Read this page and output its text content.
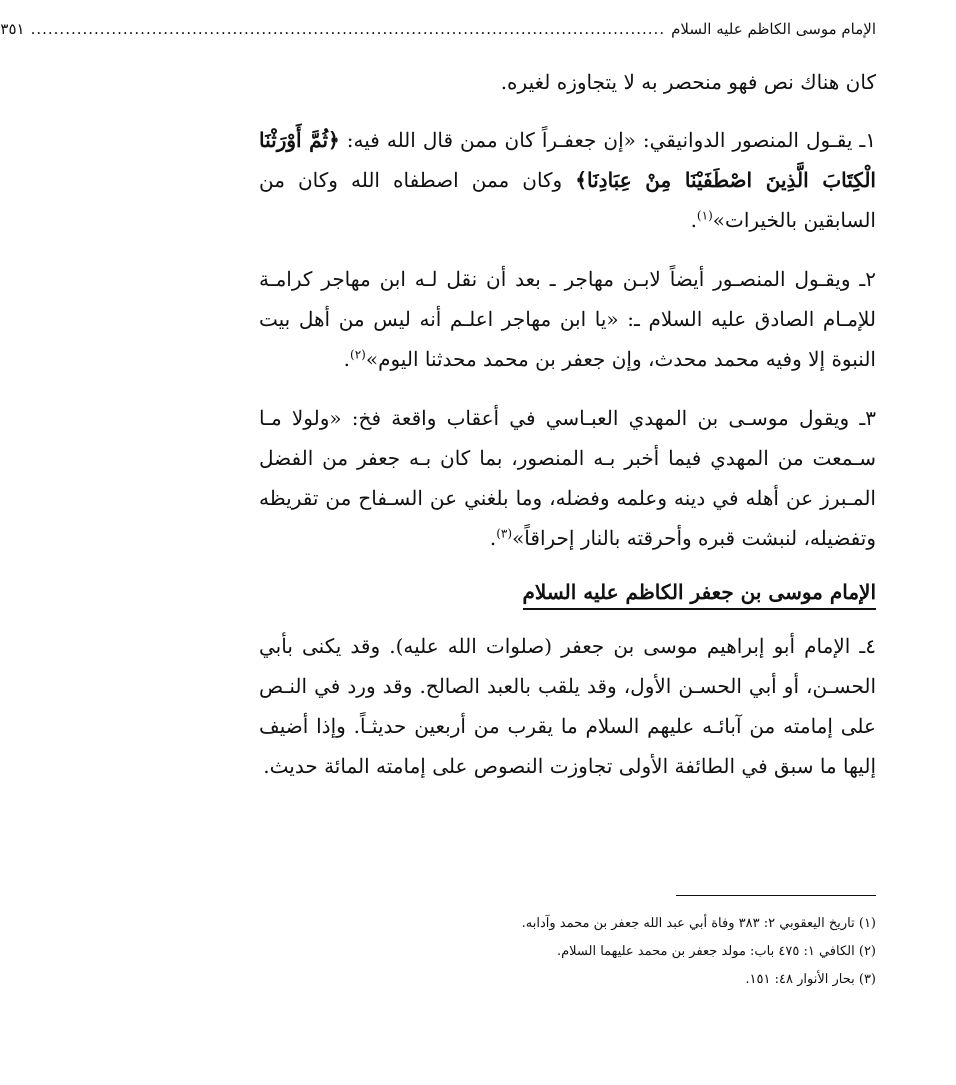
الإمام موسى الكاظم عليه السلام
..............................................................................................................
٣٥١

كان هناك نص فهو منحصر به لا يتجاوزه لغيره.

١ـ يقـول المنصور الدوانيقي: «إن جعفـراً كان ممن قال الله فيه: ﴿ثُمَّ أَوْرَثْنَا الْكِتَابَ الَّذِينَ اصْطَفَيْنَا مِنْ عِبَادِنَا﴾ وكان ممن اصطفاه الله وكان من السابقين بالخيرات»$^{(١)}$.

٢ـ ويقـول المنصـور أيضاً لابـن مهاجر ـ بعد أن نقل لـه ابن مهاجر كرامـة للإمـام الصادق عليه السلام ـ: «يا ابن مهاجر اعلـم أنه ليس من أهل بيت النبوة إلا وفيه محمد محدث، وإن جعفر بن محمد محدثنا اليوم»$^{(٢)}$.

٣ـ ويقول موسـى بن المهدي العبـاسي في أعقاب واقعة فخ: «ولولا مـا سـمعت من المهدي فيما أخبر بـه المنصور، بما كان بـه جعفر من الفضل المـبرز عن أهله في دينه وعلمه وفضله، وما بلغني عن السـفاح من تقريظه وتفضيله، لنبشت قبره وأحرقته بالنار إحراقاً»$^{(٣)}$.

الإمام موسى بن جعفر الكاظم عليه السلام

٤ـ الإمام أبو إبراهيم موسى بن جعفر (صلوات الله عليه). وقد يكنى بأبي الحسـن، أو أبي الحسـن الأول، وقد يلقب بالعبد الصالح. وقد ورد في النـص على إمامته من آبائـه عليهم السلام ما يقرب من أربعين حديثـاً. وإذا أضيف إليها ما سبق في الطائفة الأولى تجاوزت النصوص على إمامته المائة حديث.

(١) تاريخ اليعقوبي ٢: ٣٨٣ وفاة أبي عبد الله جعفر بن محمد وآدابه.

(٢) الكافي ١: ٤٧٥ باب: مولد جعفر بن محمد عليهما السلام.

(٣) بحار الأنوار ٤٨: ١٥١.
